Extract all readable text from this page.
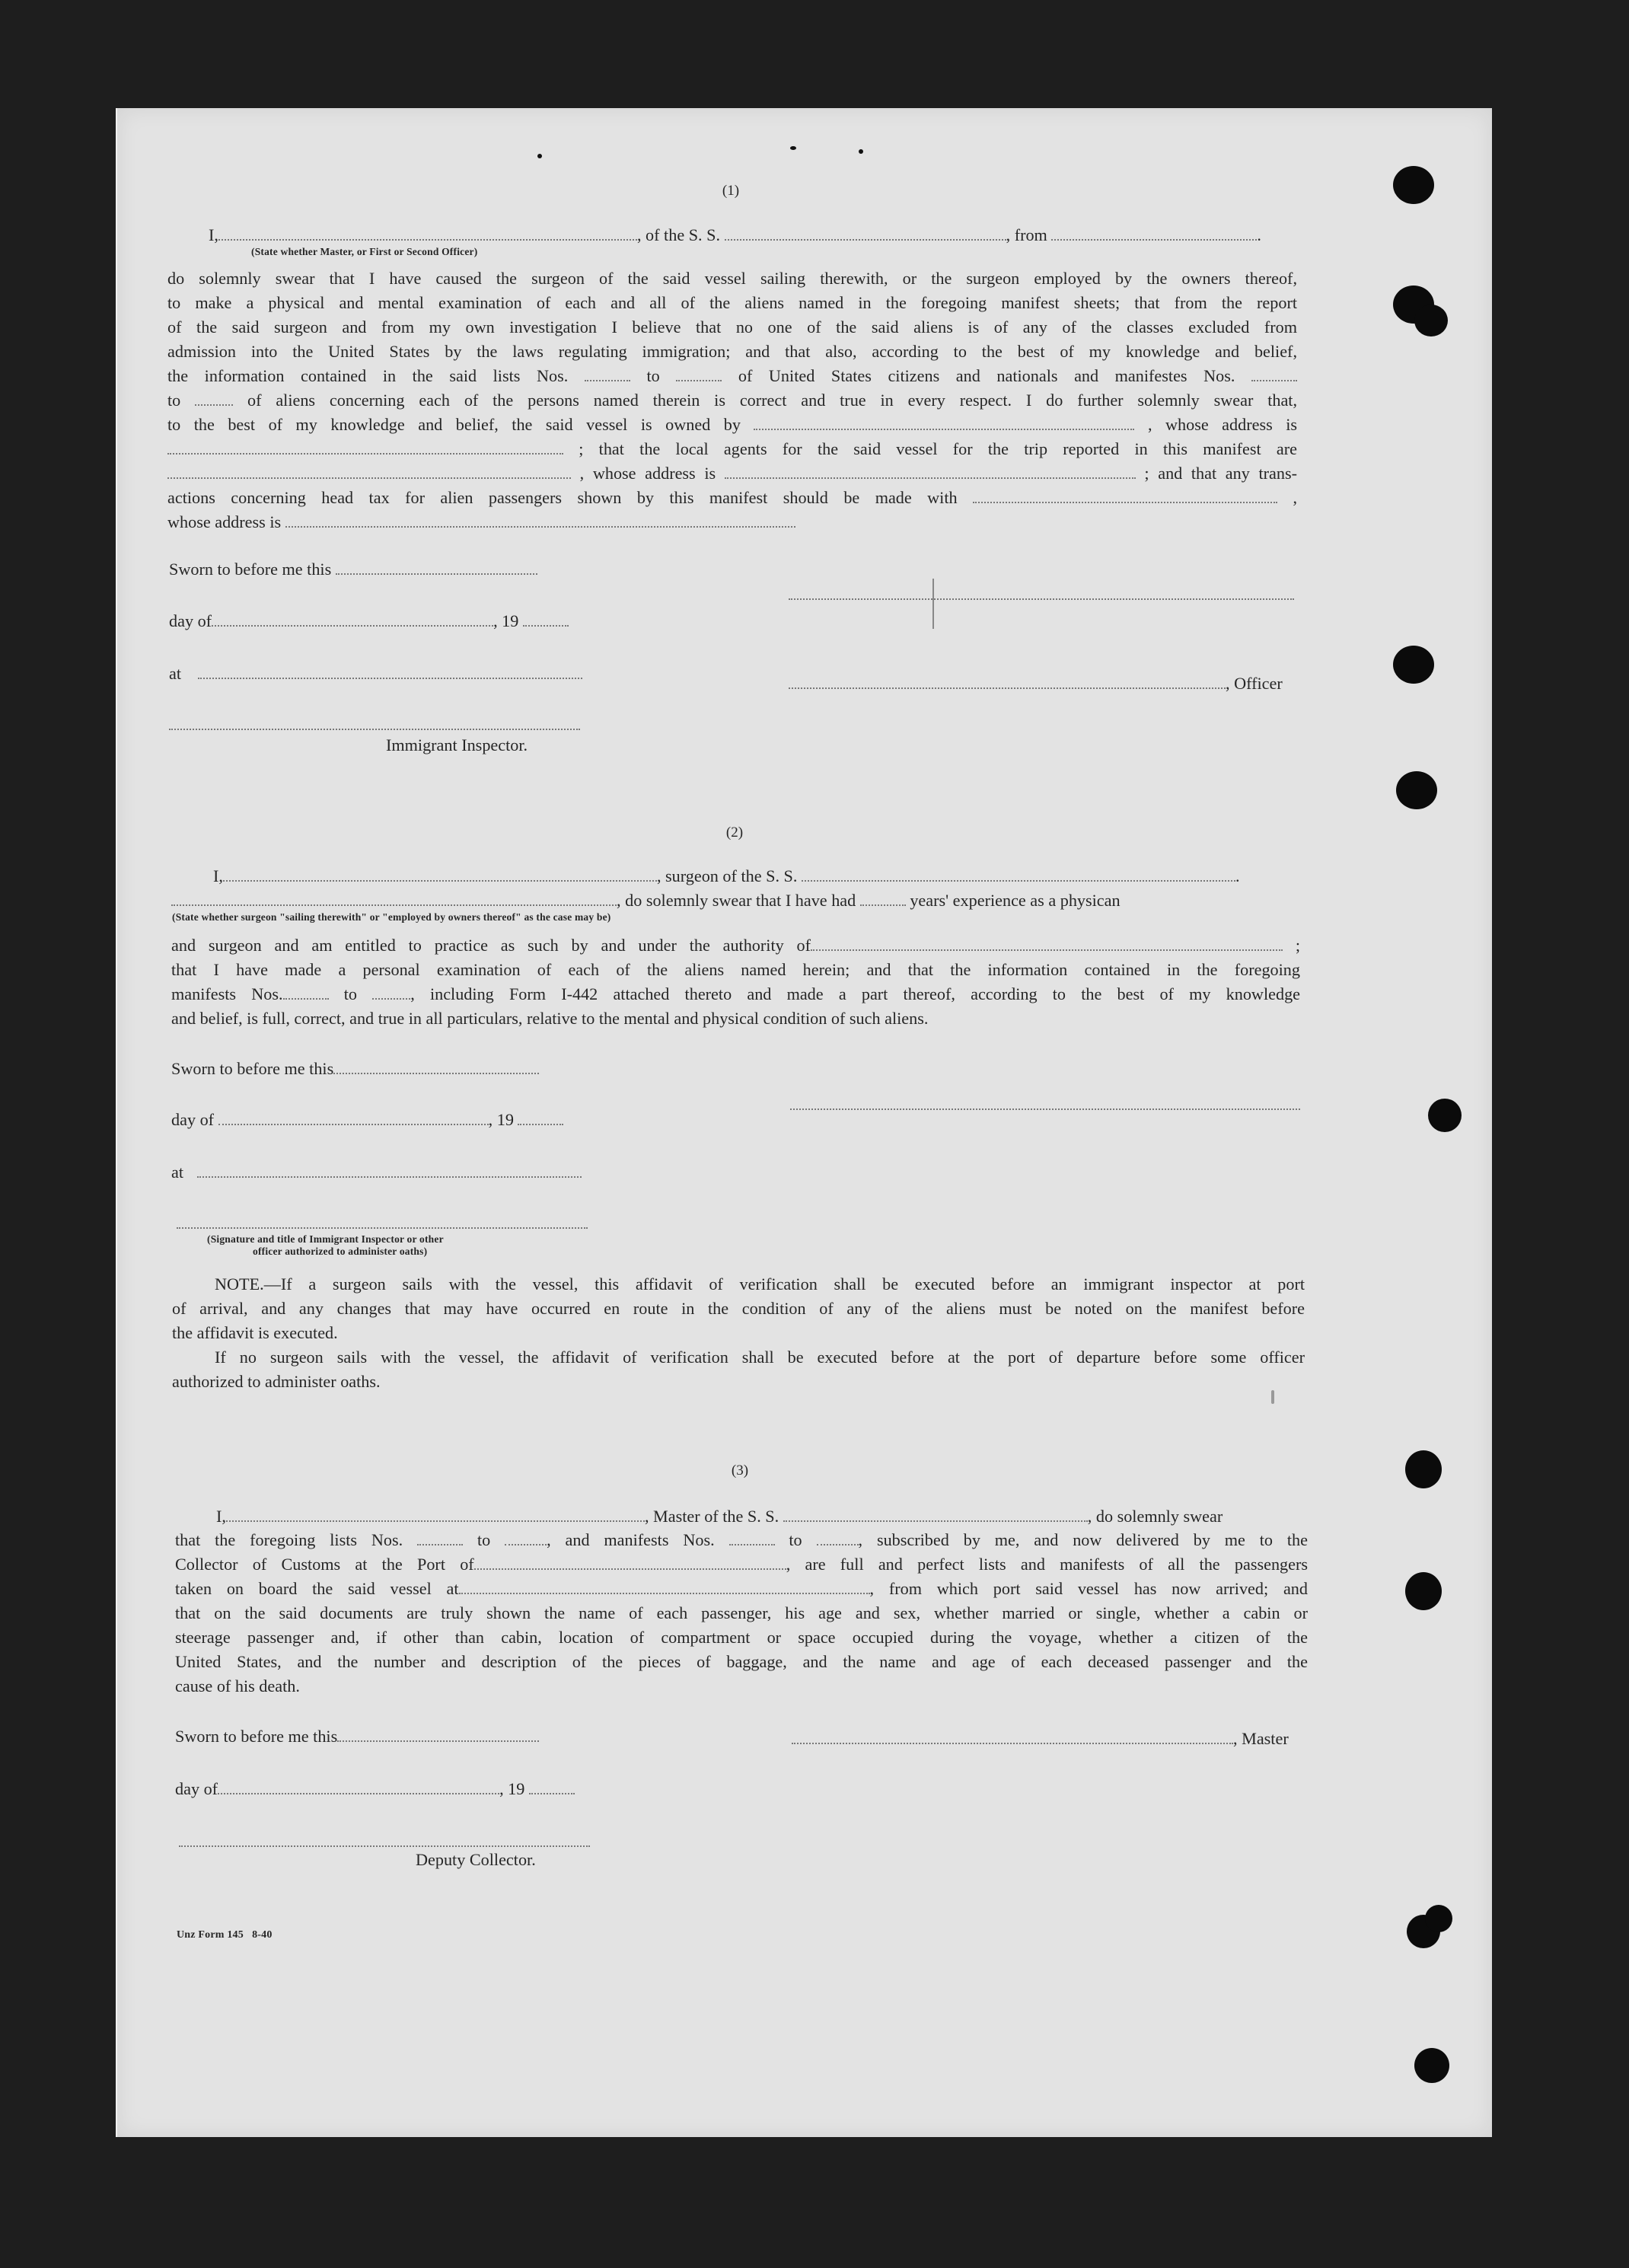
(1)
I,	, of the S. S.	, from	.
(State whether Master, or First or Second Officer)
do solemnly swear that I have caused the surgeon of the said vessel sailing therewith, or the surgeon employed by the owners thereof,
to make a physical and mental examination of each and all of the aliens named in the foregoing manifest sheets; that from the report
of the said surgeon and from my own investigation I believe that no one of the said aliens is of any of the classes excluded from
admission into the United States by the laws regulating immigration; and that also, according to the best of my knowledge and belief,
the information contained in the said lists Nos.	to	of United States citizens and nationals and manifestes Nos.
to	of aliens concerning each of the persons named therein is correct and true in every respect. I do further solemnly swear that,
to the best of my knowledge and belief, the said vessel is owned by	, whose address is
; that the local agents for the said vessel for the trip reported in this manifest are
, whose address is	; and that any trans-
actions concerning head tax for alien passengers shown by this manifest should be made with	,
whose address is
Sworn to before me this
day of	, 19
at
, Officer
Immigrant Inspector.
(2)
I,	, surgeon of the S. S.	.
, do solemnly swear that I have had	years' experience as a physican
(State whether surgeon "sailing therewith" or "employed by owners thereof" as the case may be)
and surgeon and am entitled to practice as such by and under the authority of	;
that I have made a personal examination of each of the aliens named herein; and that the information contained in the foregoing
manifests Nos.	to	, including Form I-442 attached thereto and made a part thereof, according to the best of my knowledge
and belief, is full, correct, and true in all particulars, relative to the mental and physical condition of such aliens.
Sworn to before me this
day of	, 19
at
(Signature and title of Immigrant Inspector or other
officer authorized to administer oaths)
NOTE.—If a surgeon sails with the vessel, this affidavit of verification shall be executed before an immigrant inspector at port
of arrival, and any changes that may have occurred en route in the condition of any of the aliens must be noted on the manifest before
the affidavit is executed.
If no surgeon sails with the vessel, the affidavit of verification shall be executed before at the port of departure before some officer
authorized to administer oaths.
(3)
I,	, Master of the S. S.	, do solemnly swear
that the foregoing lists Nos.	to	, and manifests Nos.	to	, subscribed by me, and now delivered by me to the
Collector of Customs at the Port of	, are full and perfect lists and manifests of all the passengers
taken on board the said vessel at	, from which port said vessel has now arrived; and
that on the said documents are truly shown the name of each passenger, his age and sex, whether married or single, whether a cabin or
steerage passenger and, if other than cabin, location of compartment or space occupied during the voyage, whether a citizen of the
United States, and the number and description of the pieces of baggage, and the name and age of each deceased passenger and the
cause of his death.
Sworn to before me this	, Master
day of	, 19
Deputy Collector.
Unz Form 145 8-40
